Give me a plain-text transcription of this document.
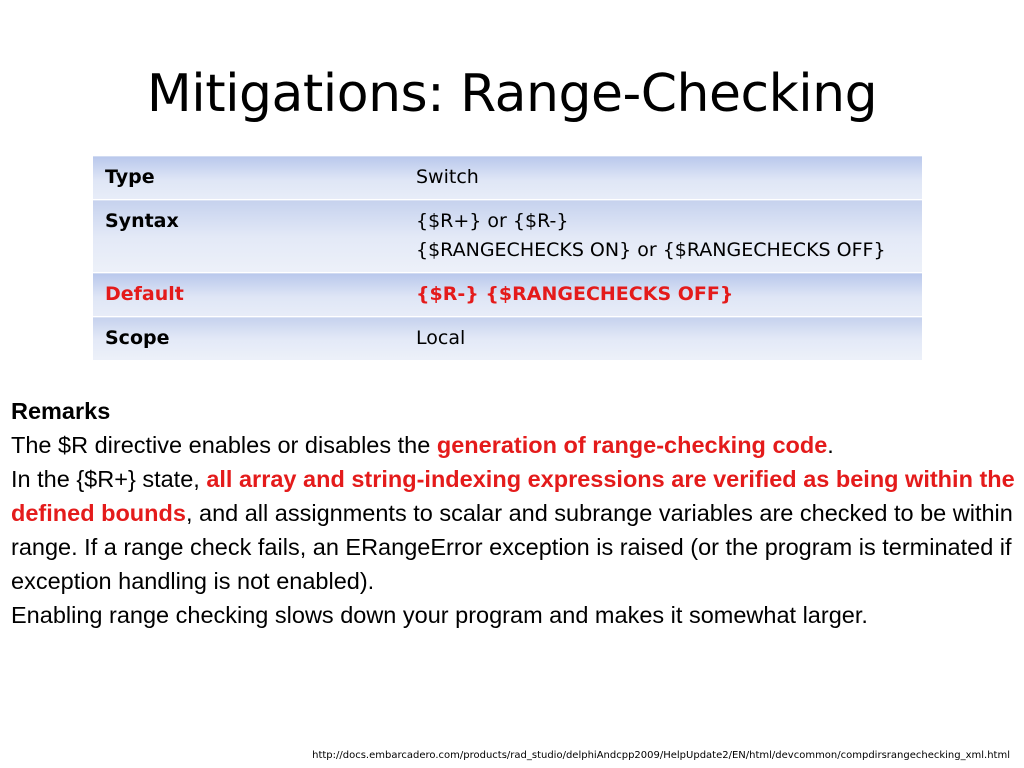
Mitigations: Range-Checking
Type	Switch
Syntax	{$R+} or {$R-}
{$RANGECHECKS ON} or {$RANGECHECKS OFF}

Default	{$R-} {$RANGECHECKS OFF}
Scope	Local
Remarks
The $R directive enables or disables the generation of range-checking code.
In the {$R+} state, all array and string-indexing expressions are verified as being within the defined bounds, and all assignments to scalar and subrange variables are checked to be within range. If a range check fails, an ERangeError exception is raised (or the program is terminated if exception handling is not enabled).
Enabling range checking slows down your program and makes it somewhat larger.
http://docs.embarcadero.com/products/rad_studio/delphiAndcpp2009/HelpUpdate2/EN/html/devcommon/compdirsrangechecking_xml.html
